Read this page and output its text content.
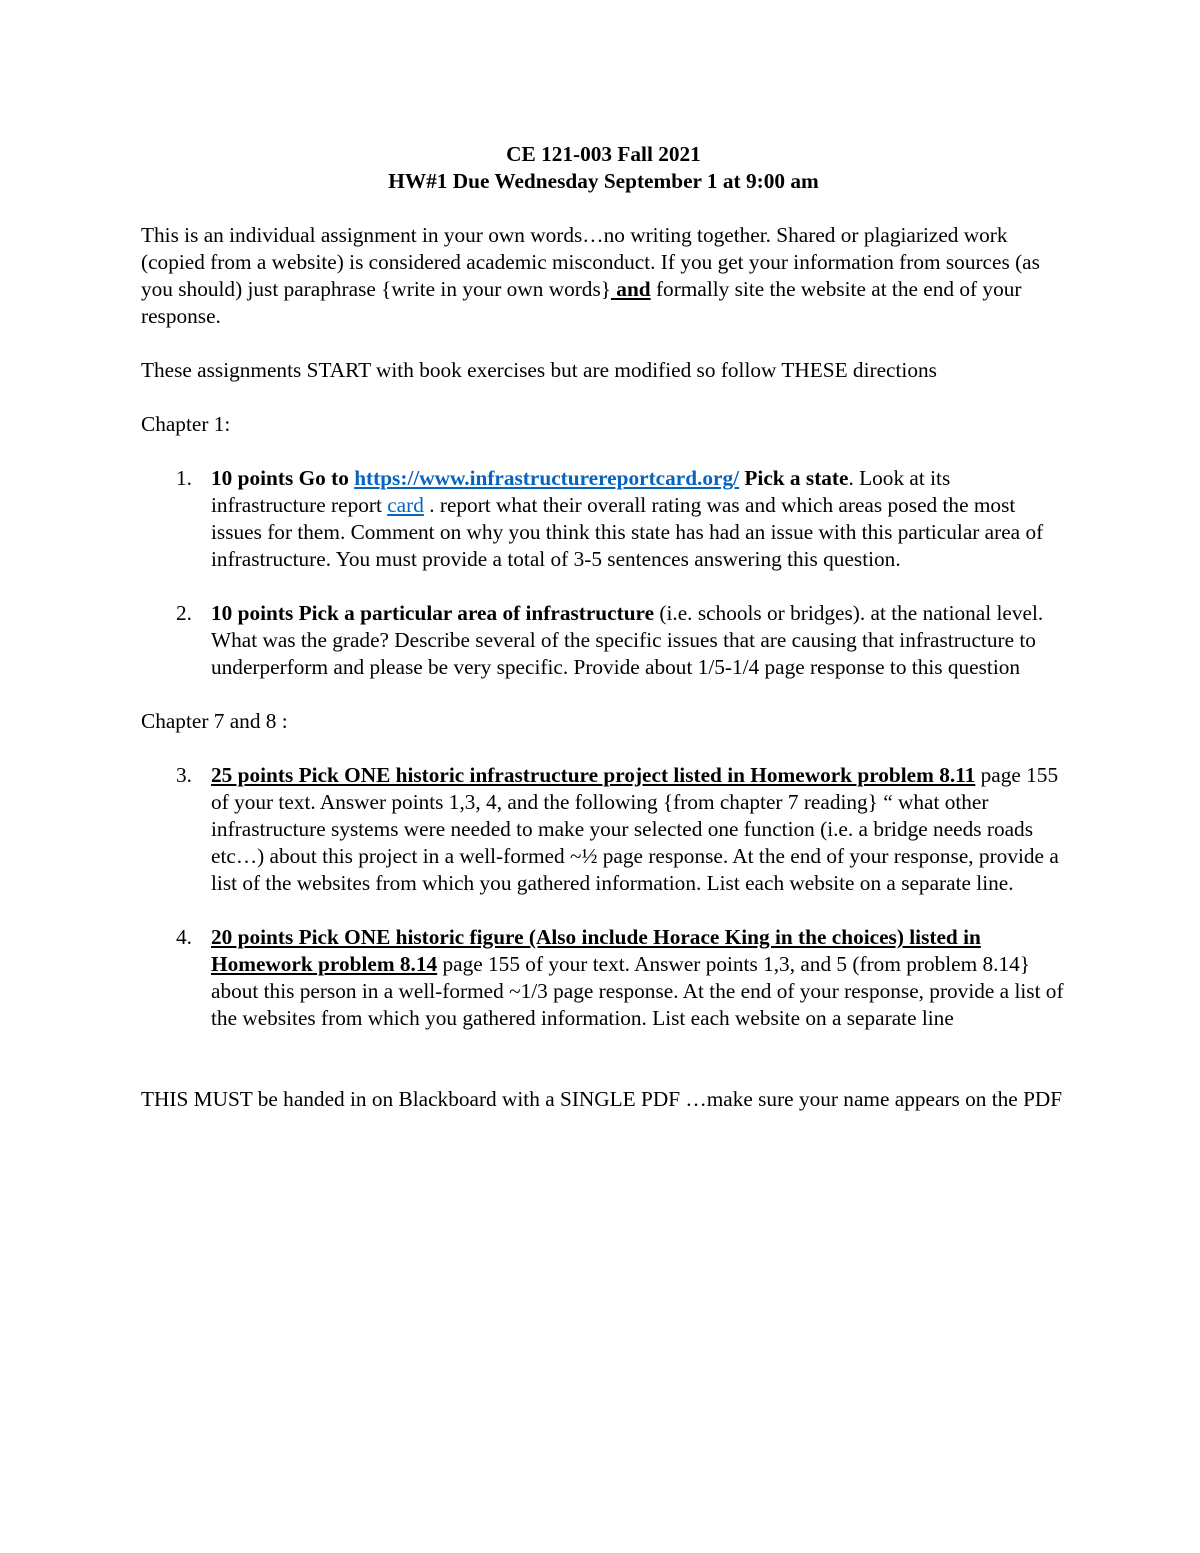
CE 121-003 Fall 2021

HW#1 Due Wednesday September 1 at 9:00 am

This is an individual assignment in your own words…no writing together. Shared or plagiarized work (copied from a website) is considered academic misconduct. If you get your information from sources (as you should) just paraphrase {write in your own words} and formally site the website at the end of your response.

These assignments START with book exercises but are modified so follow THESE directions

Chapter 1:

1. 10 points Go to https://www.infrastructurereportcard.org/ Pick a state. Look at its infrastructure report card . report what their overall rating was and which areas posed the most issues for them. Comment on why you think this state has had an issue with this particular area of infrastructure. You must provide a total of 3-5 sentences answering this question.
2. 10 points Pick a particular area of infrastructure (i.e. schools or bridges). at the national level. What was the grade? Describe several of the specific issues that are causing that infrastructure to underperform and please be very specific. Provide about 1/5-1/4 page response to this question

Chapter 7 and 8 :

3. 25 points Pick ONE historic infrastructure project listed in Homework problem 8.11 page 155 of your text. Answer points 1,3, 4, and the following {from chapter 7 reading} “ what other infrastructure systems were needed to make your selected one function (i.e. a bridge needs roads etc…) about this project in a well-formed ~½ page response. At the end of your response, provide a list of the websites from which you gathered information. List each website on a separate line.
4. 20 points Pick ONE historic figure (Also include Horace King in the choices) listed in Homework problem 8.14 page 155 of your text. Answer points 1,3, and 5 (from problem 8.14} about this person in a well-formed ~1/3 page response. At the end of your response, provide a list of the websites from which you gathered information. List each website on a separate line

THIS MUST be handed in on Blackboard with a SINGLE PDF …make sure your name appears on the PDF
